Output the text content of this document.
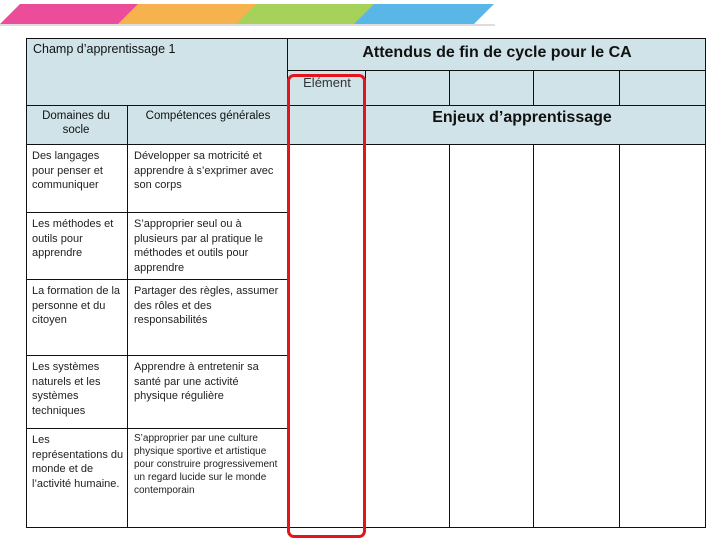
Champ d’apprentissage 1	Attendus de fin de cycle pour le CA
Elément
Domaines du socle
Compétences générales	Enjeux d’apprentissage
Des langages pour penser et communiquer
Développer sa motricité et apprendre à s’exprimer avec son corps
Les méthodes et outils pour apprendre
S’approprier seul ou à plusieurs par al pratique le méthodes et outils pour apprendre
La formation de la personne et du citoyen
Partager des règles, assumer des rôles et des responsabilités
Les systèmes naturels et les systèmes techniques
Apprendre à entretenir sa santé par une activité physique régulière
Les représentations du monde et de l’activité humaine.
S’approprier par une culture physique sportive et artistique pour construire progressivement un regard lucide sur le monde contemporain
